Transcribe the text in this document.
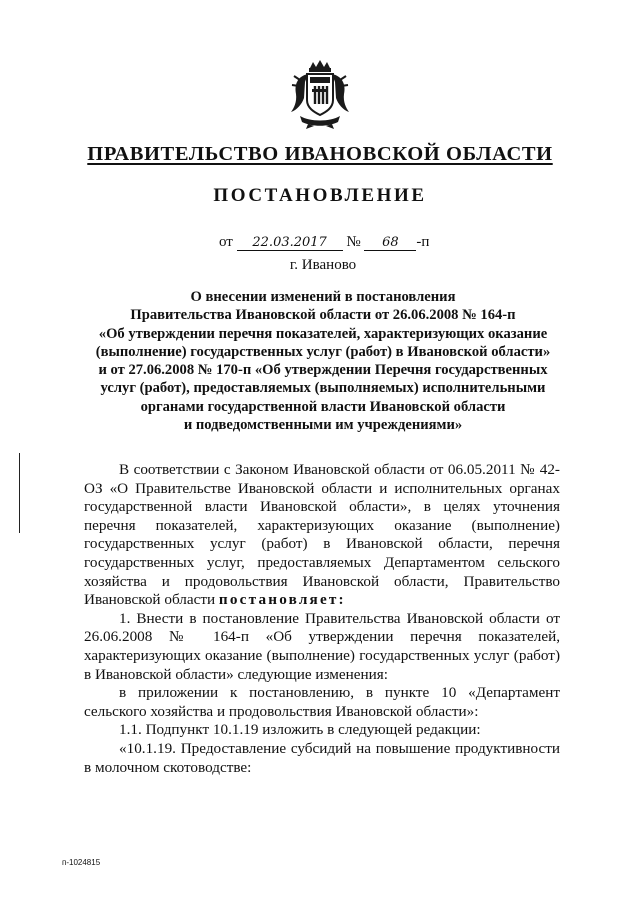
ПРАВИТЕЛЬСТВО ИВАНОВСКОЙ ОБЛАСТИ
ПОСТАНОВЛЕНИЕ
от 22.03.2017 № 68 -п
г. Иваново
О внесении изменений в постановления
Правительства Ивановской области от 26.06.2008 № 164-п
«Об утверждении перечня показателей, характеризующих оказание
(выполнение) государственных услуг (работ) в Ивановской области»
и от 27.06.2008 № 170-п «Об утверждении Перечня государственных
услуг (работ), предоставляемых (выполняемых) исполнительными
органами государственной власти Ивановской области
и подведомственными им учреждениями»

В соответствии с Законом Ивановской области от 06.05.2011 № 42-ОЗ «О Правительстве Ивановской области и исполнительных органах государственной власти Ивановской области», в целях уточнения перечня показателей, характеризующих оказание (выполнение) государственных услуг (работ) в Ивановской области, перечня государственных услуг, предоставляемых Департаментом сельского хозяйства и продовольствия Ивановской области, Правительство Ивановской области постановляет:

1. Внести в постановление Правительства Ивановской области от 26.06.2008 № 164-п «Об утверждении перечня показателей, характеризующих оказание (выполнение) государственных услуг (работ) в Ивановской области» следующие изменения:

в приложении к постановлению, в пункте 10 «Департамент сельского хозяйства и продовольствия Ивановской области»:

1.1. Подпункт 10.1.19 изложить в следующей редакции:

«10.1.19. Предоставление субсидий на повышение продуктивности в молочном скотоводстве:

п-1024815
